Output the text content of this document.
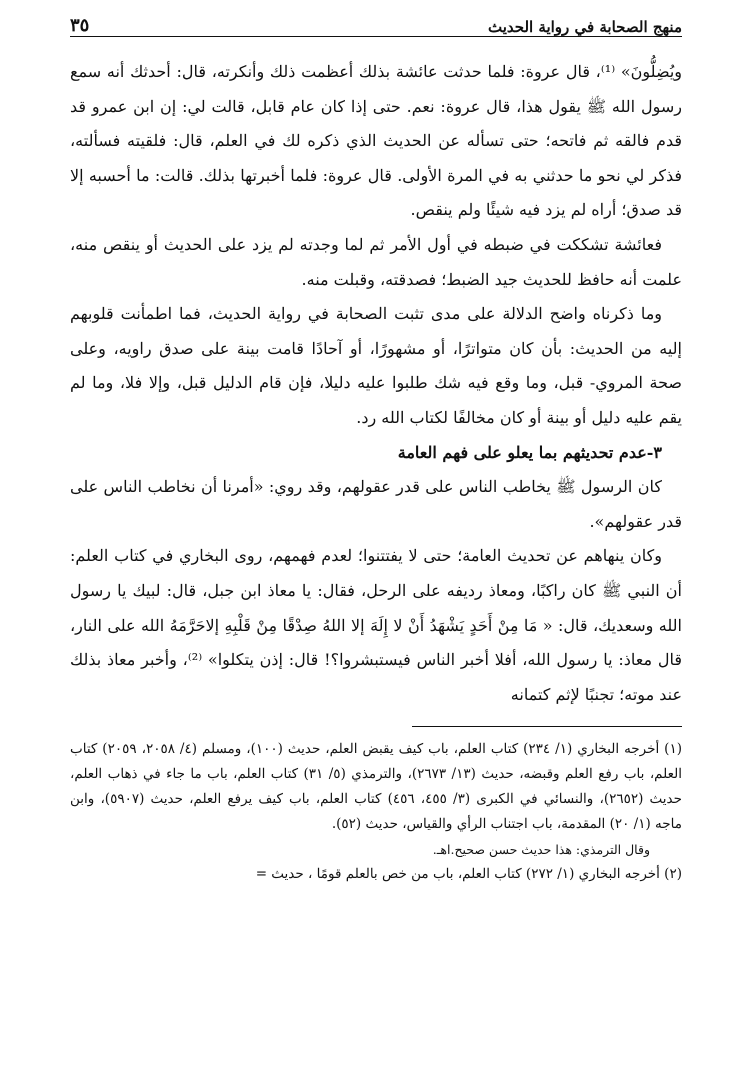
منهج الصحابة في رواية الحديث
٣٥

ويُضِلُّونَ» ⁽¹⁾، قال عروة: فلما حدثت عائشة بذلك أعظمت ذلك وأنكرته، قال: أحدثك أنه سمع رسول الله ﷺ يقول هذا، قال عروة: نعم. حتى إذا كان عام قابل، قالت لي: إن ابن عمرو قد قدم فالقه ثم فاتحه؛ حتى تسأله عن الحديث الذي ذكره لك في العلم، قال: فلقيته فسألته، فذكر لي نحو ما حدثني به في المرة الأولى. قال عروة: فلما أخبرتها بذلك. قالت: ما أحسبه إلا قد صدق؛ أراه لم يزد فيه شيئًا ولم ينقص.

فعائشة تشككت في ضبطه في أول الأمر ثم لما وجدته لم يزد على الحديث أو ينقص منه، علمت أنه حافظ للحديث جيد الضبط؛ فصدقته، وقبلت منه.

وما ذكرناه واضح الدلالة على مدى تثبت الصحابة في رواية الحديث، فما اطمأنت قلوبهم إليه من الحديث: بأن كان متواترًا، أو مشهورًا، أو آحادًا قامت بينة على صدق راويه، وعلى صحة المروي- قبل، وما وقع فيه شك طلبوا عليه دليلا، فإن قام الدليل قبل، وإلا فلا، وما لم يقم عليه دليل أو بينة أو كان مخالفًا لكتاب الله رد.

٣-عدم تحديثهم بما يعلو على فهم العامة

كان الرسول ﷺ يخاطب الناس على قدر عقولهم، وقد روي: «أمرنا أن نخاطب الناس على قدر عقولهم».

وكان ينهاهم عن تحديث العامة؛ حتى لا يفتتنوا؛ لعدم فهمهم، روى البخاري في كتاب العلم: أن النبي ﷺ كان راكبًا، ومعاذ رديفه على الرحل، فقال: يا معاذ ابن جبل، قال: لبيك يا رسول الله وسعديك، قال: « مَا مِنْ أَحَدٍ يَشْهَدُ أَنْ لا إِلَهَ إلا اللهُ صِدْقًا مِنْ قَلْبِهِ إلاحَرَّمَهُ الله على النار، قال معاذ: يا رسول الله، أفلا أخبر الناس فيستبشروا؟! قال: إذن يتكلوا» ⁽²⁾، وأخبر معاذ بذلك عند موته؛ تجنبًا لإثم كتمانه

(١) أخرجه البخاري (١/ ٢٣٤) كتاب العلم، باب كيف يقبض العلم، حديث (١٠٠)، ومسلم (٤/ ٢٠٥٨، ٢٠٥٩) كتاب العلم، باب رفع العلم وقبضه، حديث (١٣/ ٢٦٧٣)، والترمذي (٥/ ٣١) كتاب العلم، باب ما جاء في ذهاب العلم، حديث (٢٦٥٢)، والنسائي في الكبرى (٣/ ٤٥٥، ٤٥٦) كتاب العلم، باب كيف يرفع العلم، حديث (٥٩٠٧)، وابن ماجه (١/ ٢٠) المقدمة، باب اجتناب الرأي والقياس، حديث (٥٢).

وقال الترمذي: هذا حديث حسن صحيح.اهـ.

(٢) أخرجه البخاري (١/ ٢٧٢) كتاب العلم، باب من خص بالعلم قومًا ، حديث =
